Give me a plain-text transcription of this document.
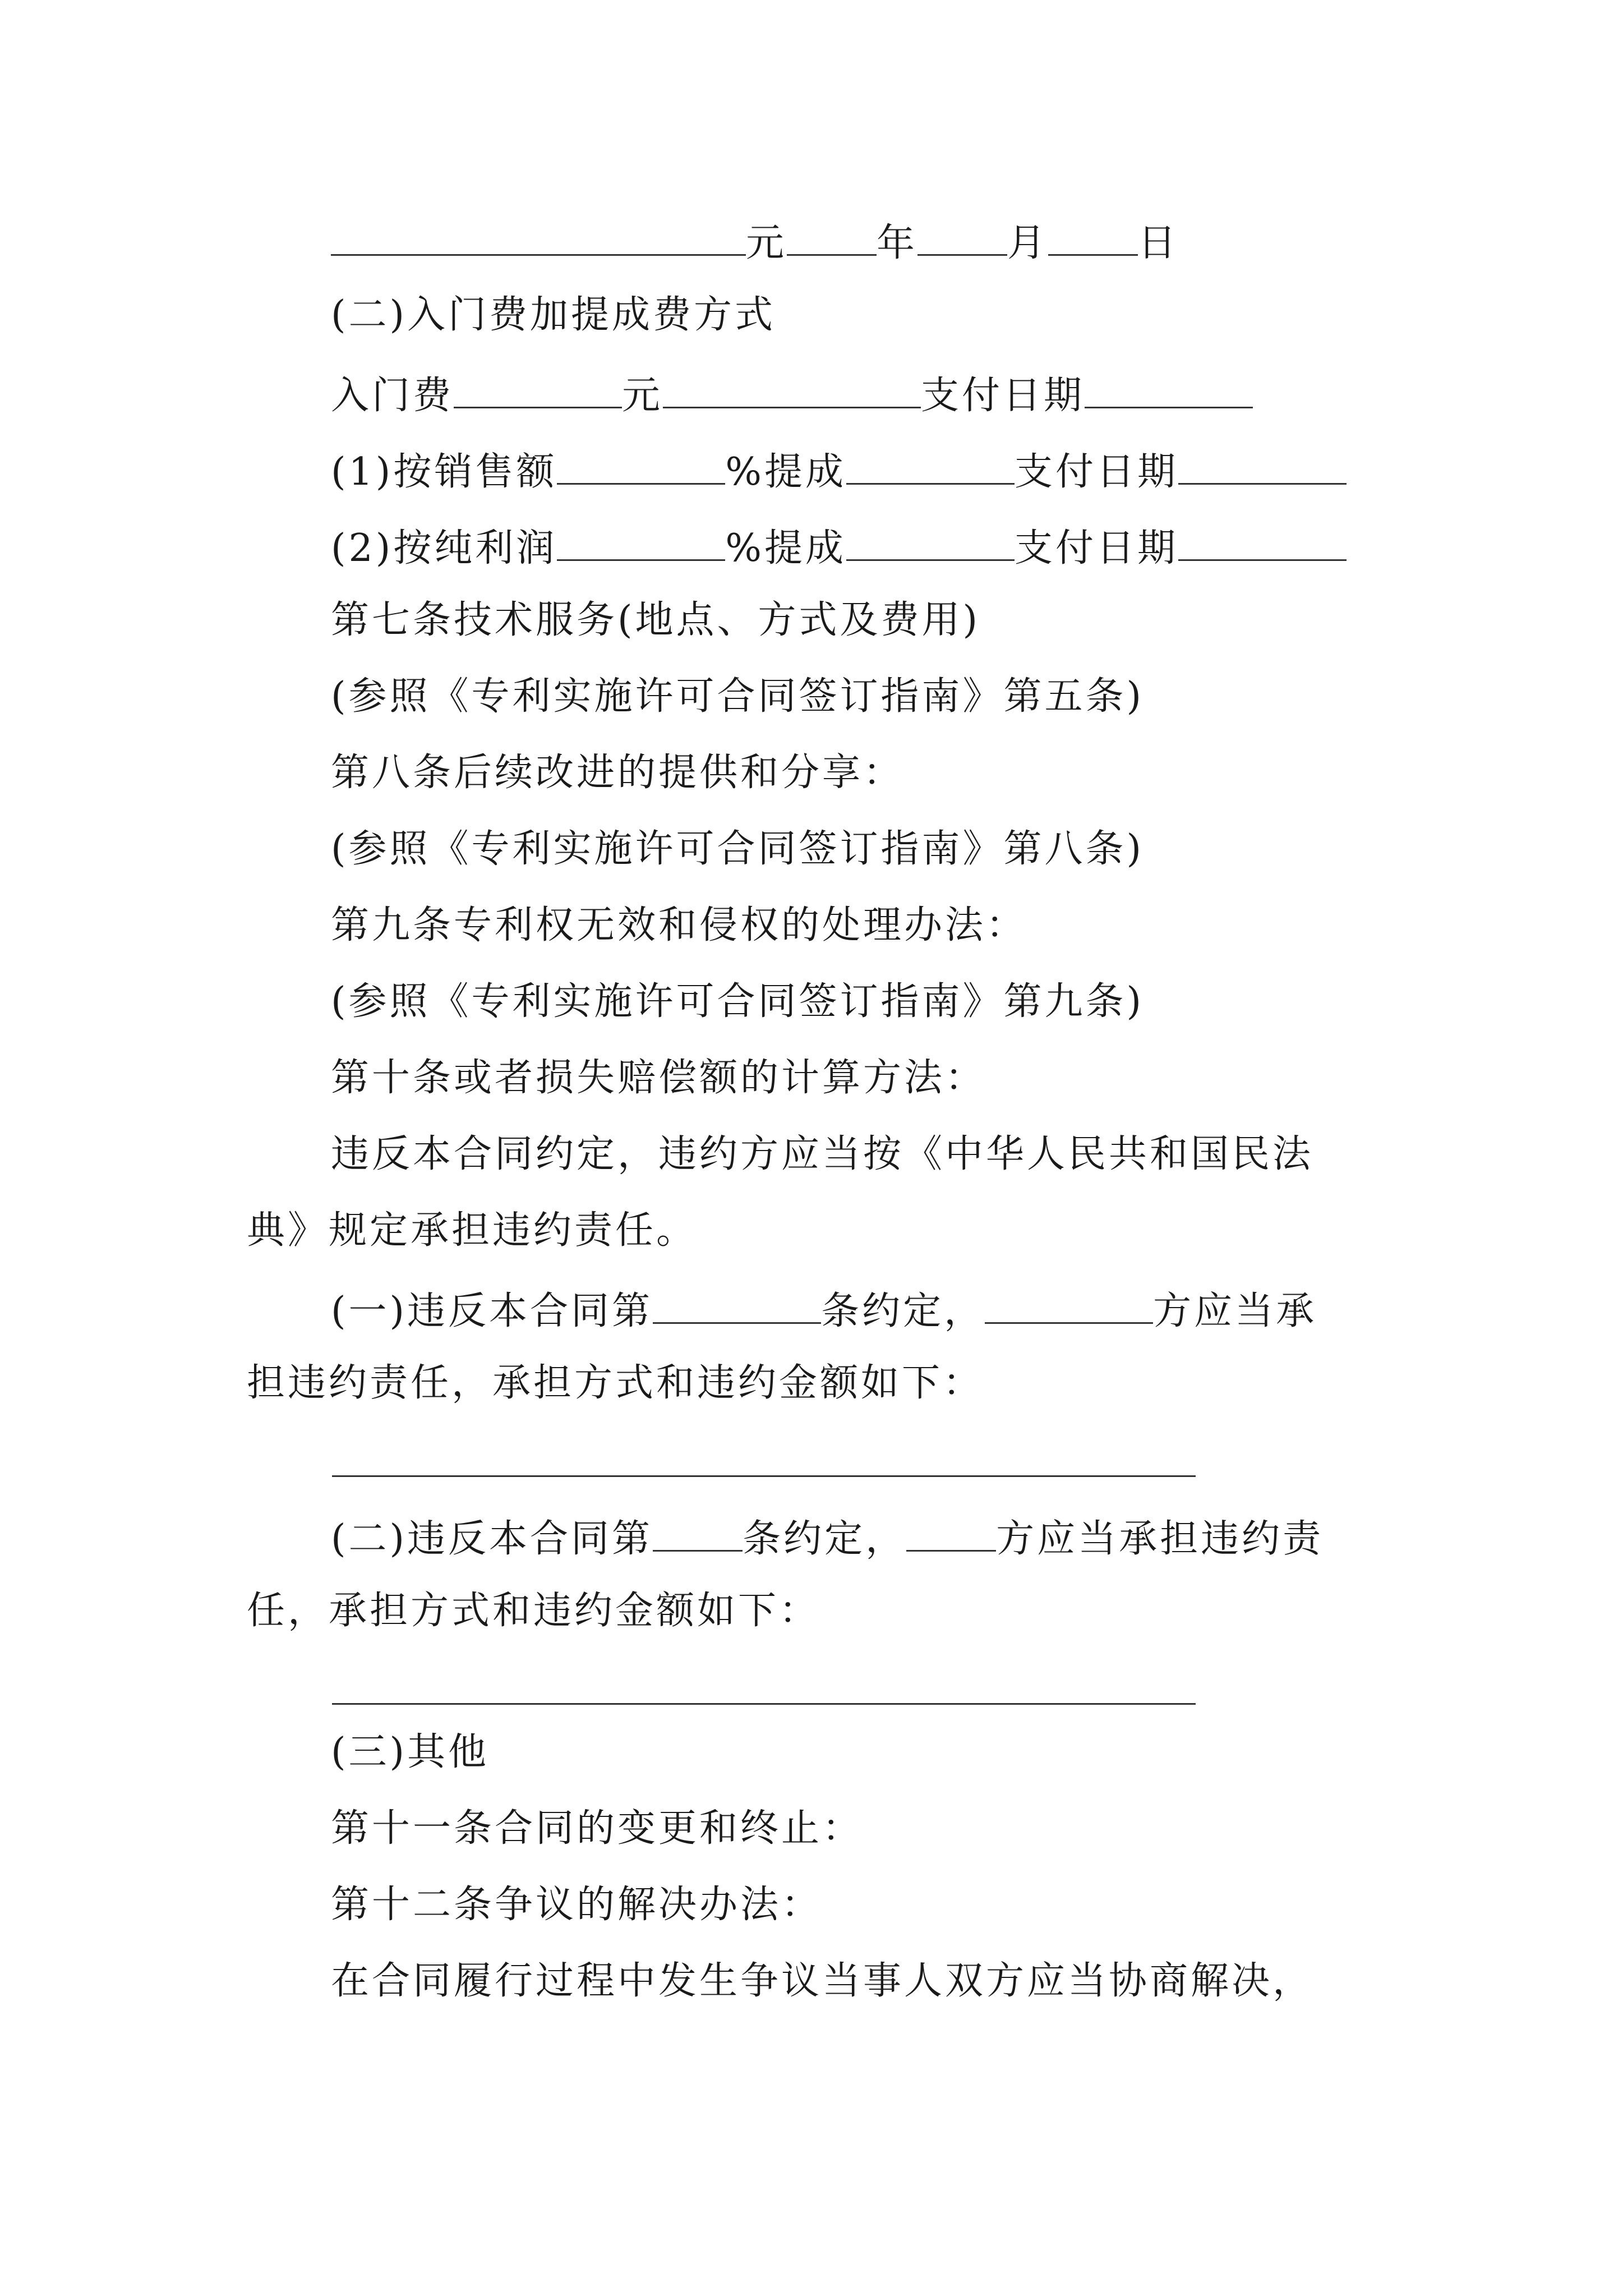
元 年 月 日
(二)入门费加提成费方式
入门费	元	支付日期
(1)按销售额	%提成	支付日期
(2)按纯利润	%提成	支付日期
第七条技术服务(地点、方式及费用)
(参照《专利实施许可合同签订指南》第五条)
第八条后续改进的提供和分享：
(参照《专利实施许可合同签订指南》第八条)
第九条专利权无效和侵权的处理办法：
(参照《专利实施许可合同签订指南》第九条)
第十条或者损失赔偿额的计算方法：
违反本合同约定，违约方应当按《中华人民共和国民法
典》规定承担违约责任。
(一)违反本合同第	条约定，	方应当承
担违约责任，承担方式和违约金额如下：
(二)违反本合同第 条约定， 方应当承担违约责
任，承担方式和违约金额如下：
(三)其他
第十一条合同的变更和终止：
第十二条争议的解决办法：
在合同履行过程中发生争议当事人双方应当协商解决，
